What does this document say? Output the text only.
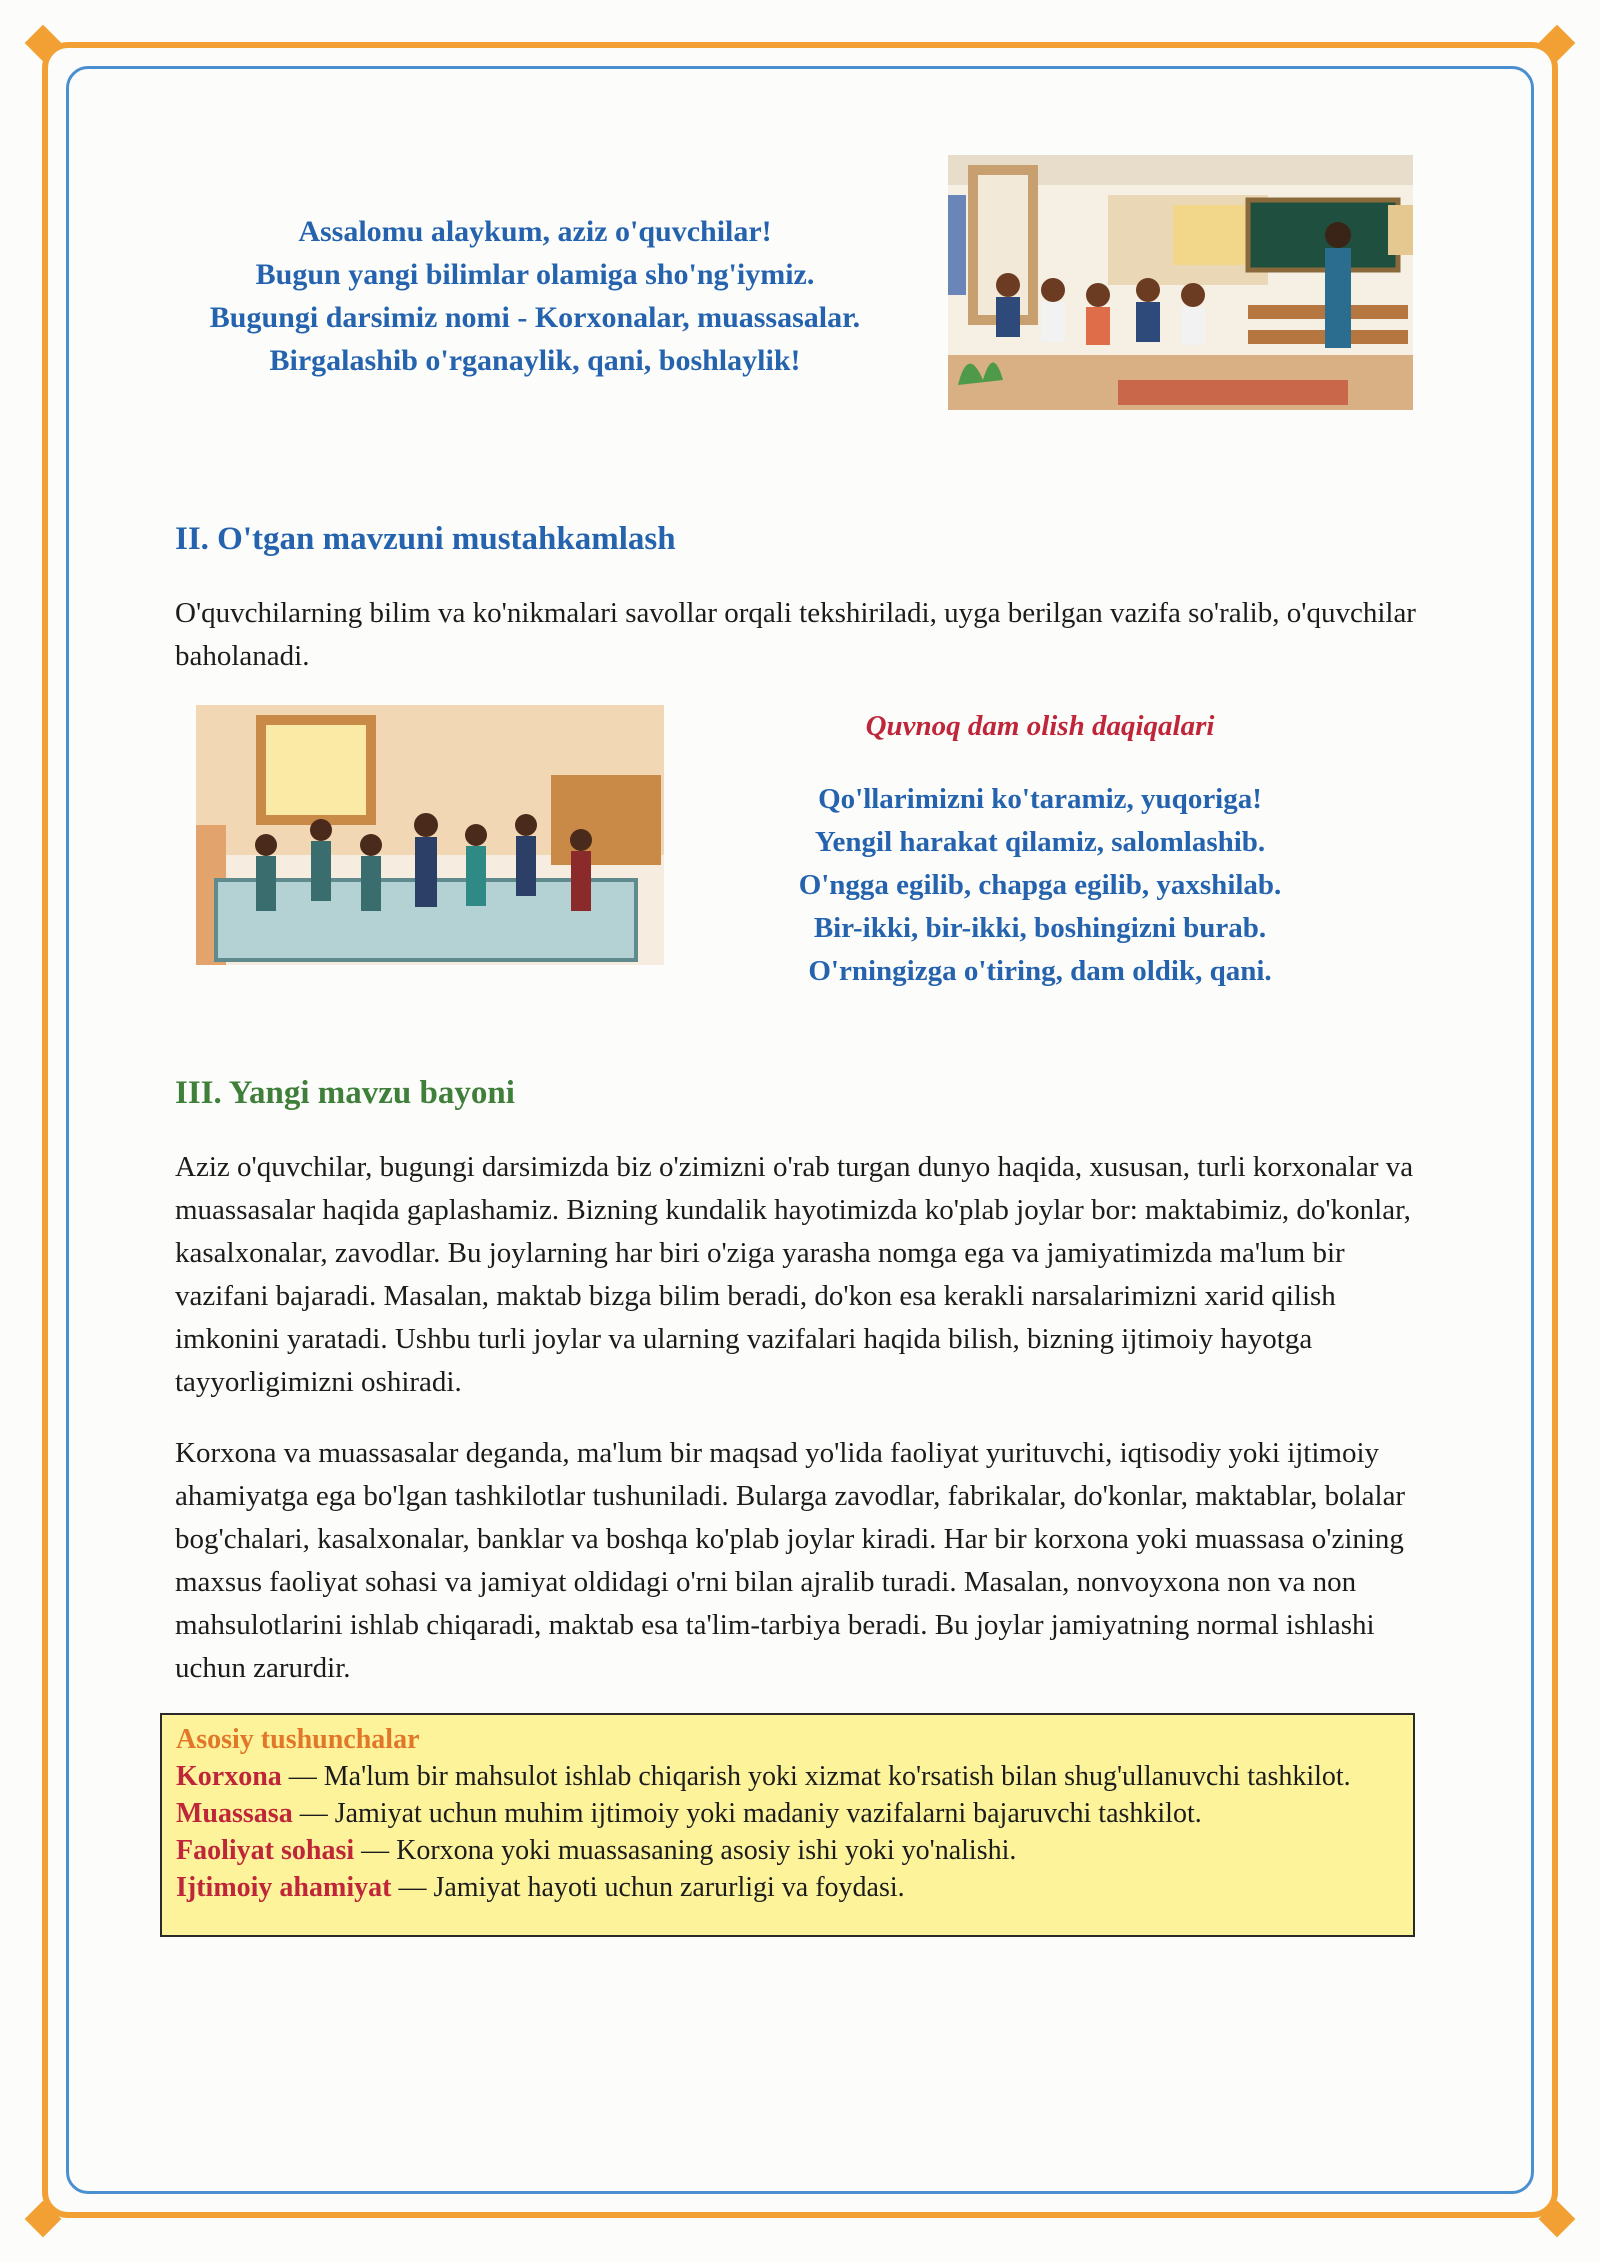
Assalomu alaykum, aziz o'quvchilar!
Bugun yangi bilimlar olamiga sho'ng'iymiz.
Bugungi darsimiz nomi - Korxonalar, muassasalar.
Birgalashib o'rganaylik, qani, boshlaylik!
II. O'tgan mavzuni mustahkamlash
O'quvchilarning bilim va ko'nikmalari savollar orqali tekshiriladi, uyga berilgan vazifa so'ralib, o'quvchilar baholanadi.
Quvnoq dam olish daqiqalari
Qo'llarimizni ko'taramiz, yuqoriga!
Yengil harakat qilamiz, salomlashib.
O'ngga egilib, chapga egilib, yaxshilab.
Bir-ikki, bir-ikki, boshingizni burab.
O'rningizga o'tiring, dam oldik, qani.
III. Yangi mavzu bayoni

Aziz o'quvchilar, bugungi darsimizda biz o'zimizni o'rab turgan dunyo haqida, xususan, turli korxonalar va muassasalar haqida gaplashamiz. Bizning kundalik hayotimizda ko'plab joylar bor: maktabimiz, do'konlar, kasalxonalar, zavodlar. Bu joylarning har biri o'ziga yarasha nomga ega va jamiyatimizda ma'lum bir vazifani bajaradi. Masalan, maktab bizga bilim beradi, do'kon esa kerakli narsalarimizni xarid qilish imkonini yaratadi. Ushbu turli joylar va ularning vazifalari haqida bilish, bizning ijtimoiy hayotga tayyorligimizni oshiradi.

Korxona va muassasalar deganda, ma'lum bir maqsad yo'lida faoliyat yurituvchi, iqtisodiy yoki ijtimoiy ahamiyatga ega bo'lgan tashkilotlar tushuniladi. Bularga zavodlar, fabrikalar, do'konlar, maktablar, bolalar bog'chalari, kasalxonalar, banklar va boshqa ko'plab joylar kiradi. Har bir korxona yoki muassasa o'zining maxsus faoliyat sohasi va jamiyat oldidagi o'rni bilan ajralib turadi. Masalan, nonvoyxona non va non mahsulotlarini ishlab chiqaradi, maktab esa ta'lim-tarbiya beradi. Bu joylar jamiyatning normal ishlashi uchun zarurdir.

Asosiy tushunchalar
Korxona — Ma'lum bir mahsulot ishlab chiqarish yoki xizmat ko'rsatish bilan shug'ullanuvchi tashkilot.
Muassasa — Jamiyat uchun muhim ijtimoiy yoki madaniy vazifalarni bajaruvchi tashkilot.
Faoliyat sohasi — Korxona yoki muassasaning asosiy ishi yoki yo'nalishi.
Ijtimoiy ahamiyat — Jamiyat hayoti uchun zarurligi va foydasi.
